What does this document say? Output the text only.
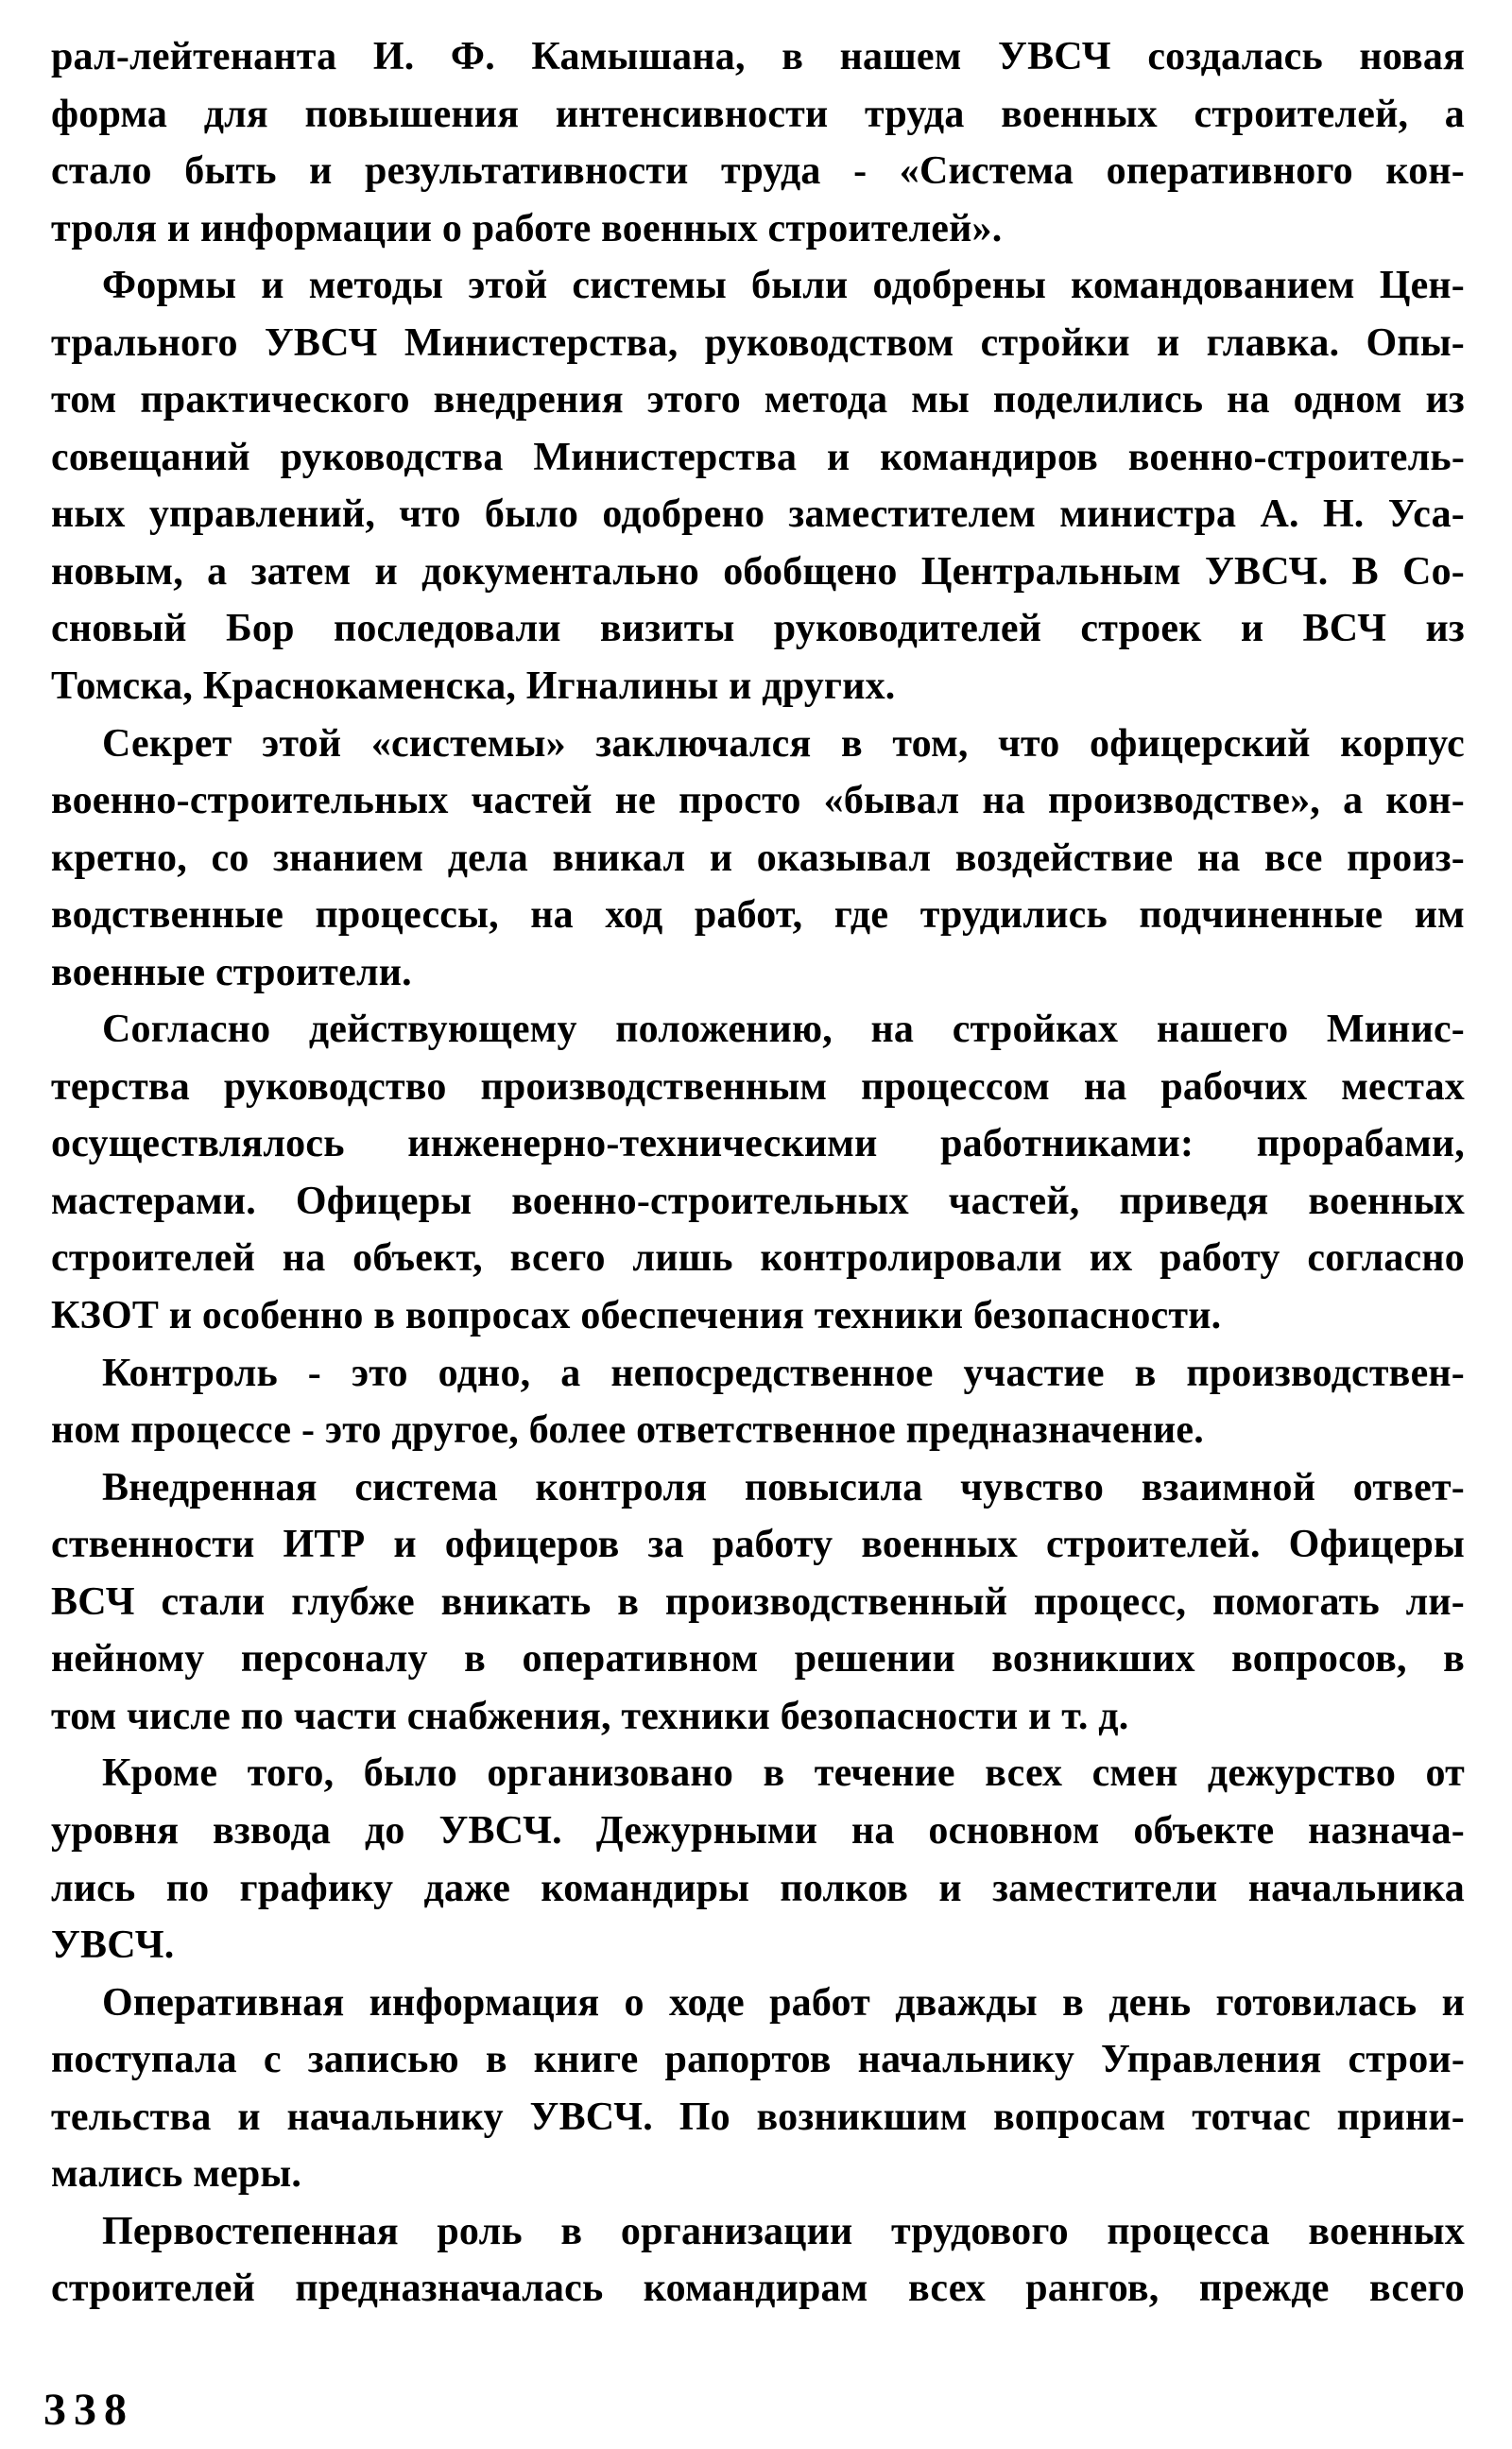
рал-лейтенанта И. Ф. Камышана, в нашем УВСЧ создалась новая
форма для повышения интенсивности труда военных строителей, а
стало быть и результативности труда - «Система оперативного кон-
троля и информации о работе военных строителей».
Формы и методы этой системы были одобрены командованием Цен-
трального УВСЧ Министерства, руководством стройки и главка. Опы-
том практического внедрения этого метода мы поделились на одном из
совещаний руководства Министерства и командиров военно-строитель-
ных управлений, что было одобрено заместителем министра А. Н. Уса-
новым, а затем и документально обобщено Центральным УВСЧ. В Со-
сновый Бор последовали визиты руководителей строек и ВСЧ из
Томска, Краснокаменска, Игналины и других.
Секрет этой «системы» заключался в том, что офицерский корпус
военно-строительных частей не просто «бывал на производстве», а кон-
кретно, со знанием дела вникал и оказывал воздействие на все произ-
водственные процессы, на ход работ, где трудились подчиненные им
военные строители.
Согласно действующему положению, на стройках нашего Минис-
терства руководство производственным процессом на рабочих местах
осуществлялось инженерно-техническими работниками: прорабами,
мастерами. Офицеры военно-строительных частей, приведя военных
строителей на объект, всего лишь контролировали их работу согласно
КЗОТ и особенно в вопросах обеспечения техники безопасности.
Контроль - это одно, а непосредственное участие в производствен-
ном процессе - это другое, более ответственное предназначение.
Внедренная система контроля повысила чувство взаимной ответ-
ственности ИТР и офицеров за работу военных строителей. Офицеры
ВСЧ стали глубже вникать в производственный процесс, помогать ли-
нейному персоналу в оперативном решении возникших вопросов, в
том числе по части снабжения, техники безопасности и т. д.
Кроме того, было организовано в течение всех смен дежурство от
уровня взвода до УВСЧ. Дежурными на основном объекте назнача-
лись по графику даже командиры полков и заместители начальника
УВСЧ.
Оперативная информация о ходе работ дважды в день готовилась и
поступала с записью в книге рапортов начальнику Управления строи-
тельства и начальнику УВСЧ. По возникшим вопросам тотчас прини-
мались меры.
Первостепенная роль в организации трудового процесса военных
строителей предназначалась командирам всех рангов, прежде всего
338
